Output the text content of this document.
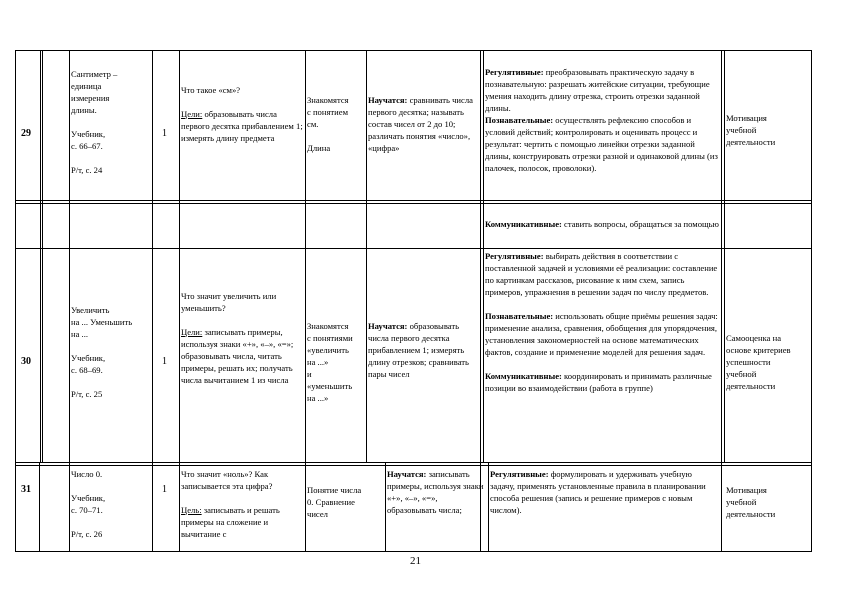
29

Сантиметр –

единица

измерения

длины.

Учебник,

с. 66–67.

Р/т, с. 24

1

Что такое «см»?

Цели: образовывать числа первого десятка прибавлением 1; измерять длину предмета

Знакомятся

с понятием

см.

Длина

Научатся: сравнивать числа первого десятка; называть состав чисел от 2 до 10; различать понятия «число», «цифра»

Регулятивные: преобразовывать практическую задачу в познавательную: разрешать житейские ситуации, требующие умения находить длину отрезка, строить отрезки заданной длины.

Познавательные: осуществлять рефлексию способов и условий действий; контролировать и оценивать процесс и результат: чертить с помощью линейки отрезки заданной длины, конструировать отрезки разной и одинаковой длины (из палочек, полосок, проволоки).

Мотивация

учебной

деятельности

Коммуникативные: ставить вопросы, обращаться за помощью

30

Увеличить

на ... Уменьшить

на ...

Учебник,

с. 68–69.

Р/т, с. 25

1

Что значит увеличить или уменьшить?

Цели: записывать примеры, используя знаки «+», «–», «=»; образовывать числа, читать примеры, решать их; получать числа вычитанием 1 из числа

Знакомятся

с понятиями

«увеличить

на ...»

и

«уменьшить

на ...»

Научатся: образовывать числа первого десятка прибавлением 1; измерять длину отрезков; сравнивать пары чисел

Регулятивные: выбирать действия в соответствии с поставленной задачей и условиями её реализации: составление по картинкам рассказов, рисование к ним схем, запись примеров, упражнения в решении задач по числу предметов.

Познавательные: использовать общие приёмы решения задач: применение анализа, сравнения, обобщения для упорядочения, установления закономерностей на основе математических фактов, создание и применение моделей для решения задач.

Коммуникативные: координировать и принимать различные позиции во взаимодействии (работа в группе)

Самооценка на

основе критериев

успешности

учебной

деятельности

31

Число 0.

Учебник,

с. 70–71.

Р/т, с. 26

1

Что значит «ноль»? Как записывается эта цифра?

Цель: записывать и решать примеры на сложение и вычитание с

Понятие числа

0. Сравнение

чисел

Научатся: записывать примеры, используя знаки «+», «–», «=», образовывать числа;

Регулятивные: формулировать и удерживать учебную задачу, применять установленные правила в планировании способа решения (запись и решение примеров с новым числом).

Мотивация

учебной

деятельности

21
